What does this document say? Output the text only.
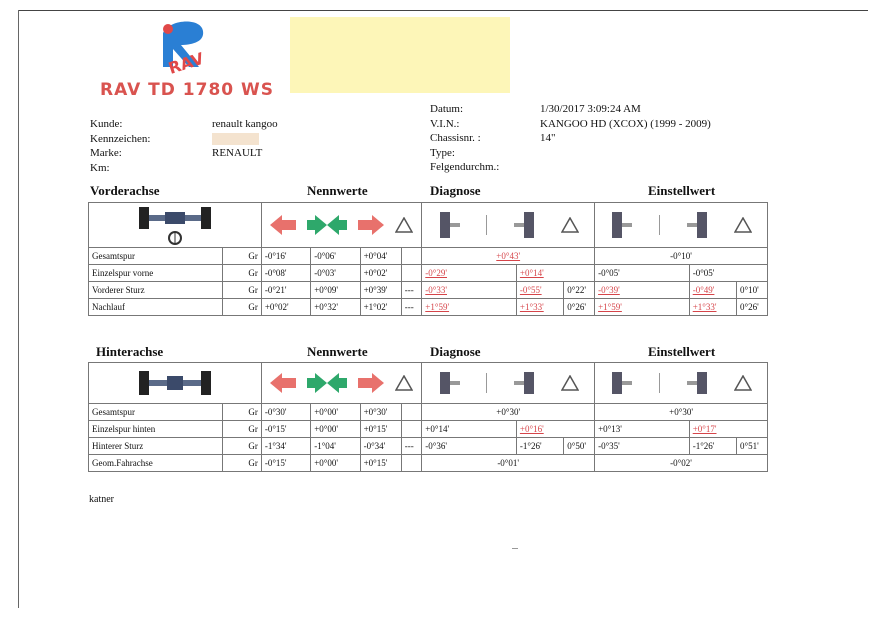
RAV
RAV TD 1780 WS
Kunde:
Kennzeichen:
Marke:
Km:
renault kangoo
RENAULT
Datum:
V.I.N.:
Chassisnr. :
Type:
Felgendurchm.:
1/30/2017 3:09:24 AM
KANGOO HD (XCOX) (1999 - 2009)
14"
Vorderachse	Nennwerte	Diagnose	Einstellwert

Gesamtspur	Gr	-0°16'	-0°06'	+0°04'		+0°43'			-0°10'		
Einzelspur vorne	Gr	-0°08'	-0°03'	+0°02'		-0°29'	+0°14'		-0°05'	-0°05'	
Vorderer Sturz	Gr	-0°21'	+0°09'	+0°39'	---	-0°33'	-0°55'	0°22'	-0°39'	-0°49'	0°10'
Nachlauf	Gr	+0°02'	+0°32'	+1°02'	---	+1°59'	+1°33'	0°26'	+1°59'	+1°33'	0°26'
Hinterachse	Nennwerte	Diagnose	Einstellwert

Gesamtspur	Gr	-0°30'	+0°00'	+0°30'		+0°30'			+0°30'		
Einzelspur hinten	Gr	-0°15'	+0°00'	+0°15'		+0°14'	+0°16'		+0°13'	+0°17'	
Hinterer Sturz	Gr	-1°34'	-1°04'	-0°34'	---	-0°36'	-1°26'	0°50'	-0°35'	-1°26'	0°51'
Geom.Fahrachse	Gr	-0°15'	+0°00'	+0°15'		-0°01'			-0°02'		
katner
